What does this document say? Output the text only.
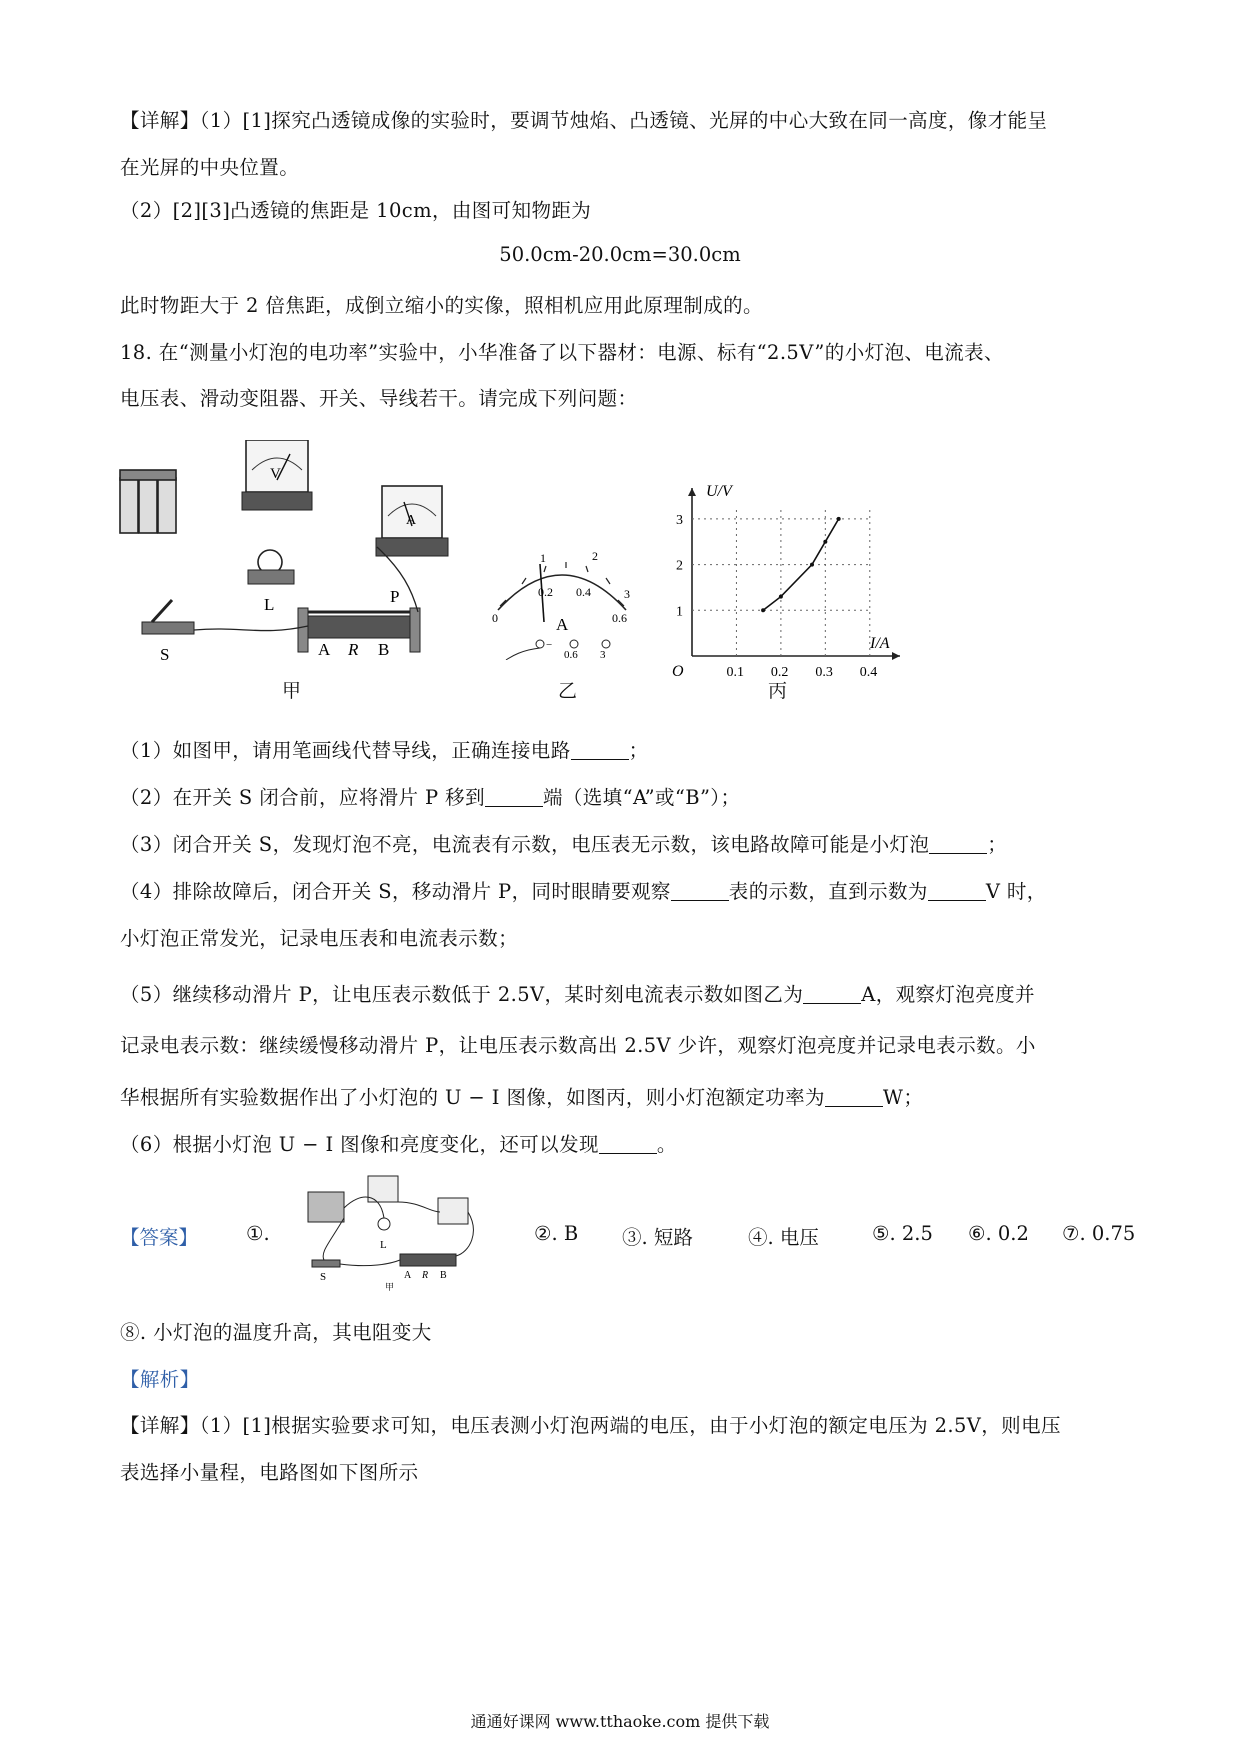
【详解】（1）[1]探究凸透镜成像的实验时，要调节烛焰、凸透镜、光屏的中心大致在同一高度，像才能呈
在光屏的中央位置。
（2）[2][3]凸透镜的焦距是 10cm，由图可知物距为
50.0cm-20.0cm=30.0cm
此时物距大于 2 倍焦距，成倒立缩小的实像，照相机应用此原理制成的。
18. 在“测量小灯泡的电功率”实验中，小华准备了以下器材：电源、标有“2.5V”的小灯泡、电流表、
电压表、滑动变阻器、开关、导线若干。请完成下列问题：
V
L
A
S
P
A R B
甲
1	2
3
0
0.2 0.4
0.6
A
−
0.6 3
乙
U/V
I/A
O	0.1 0.2 0.3 0.4
1
2
3
丙
（1）如图甲，请用笔画线代替导线，正确连接电路	；
（2）在开关 S 闭合前，应将滑片 P 移到	端（选填“A”或“B”）；
（3）闭合开关 S，发现灯泡不亮，电流表有示数，电压表无示数，该电路故障可能是小灯泡	；
（4）排除故障后，闭合开关 S，移动滑片 P，同时眼睛要观察	表的示数，直到示数为	V 时，
小灯泡正常发光，记录电压表和电流表示数；
（5）继续移动滑片 P，让电压表示数低于 2.5V，某时刻电流表示数如图乙为	A，观察灯泡亮度并
记录电表示数：继续缓慢移动滑片 P，让电压表示数高出 2.5V 少许，观察灯泡亮度并记录电表示数。小
华根据所有实验数据作出了小灯泡的 U − I 图像，如图丙，则小灯泡额定功率为	W；
（6）根据小灯泡 U − I 图像和亮度变化，还可以发现	。
【答案】 ①.	L
S	A R B
甲
②. B ③. 短路	④. 电压	⑤. 2.5 ⑥. 0.2 ⑦. 0.75
⑧. 小灯泡的温度升高，其电阻变大
【解析】
【详解】（1）[1]根据实验要求可知，电压表测小灯泡两端的电压，由于小灯泡的额定电压为 2.5V，则电压
表选择小量程，电路图如下图所示
通通好课网 www.tthaoke.com 提供下载
